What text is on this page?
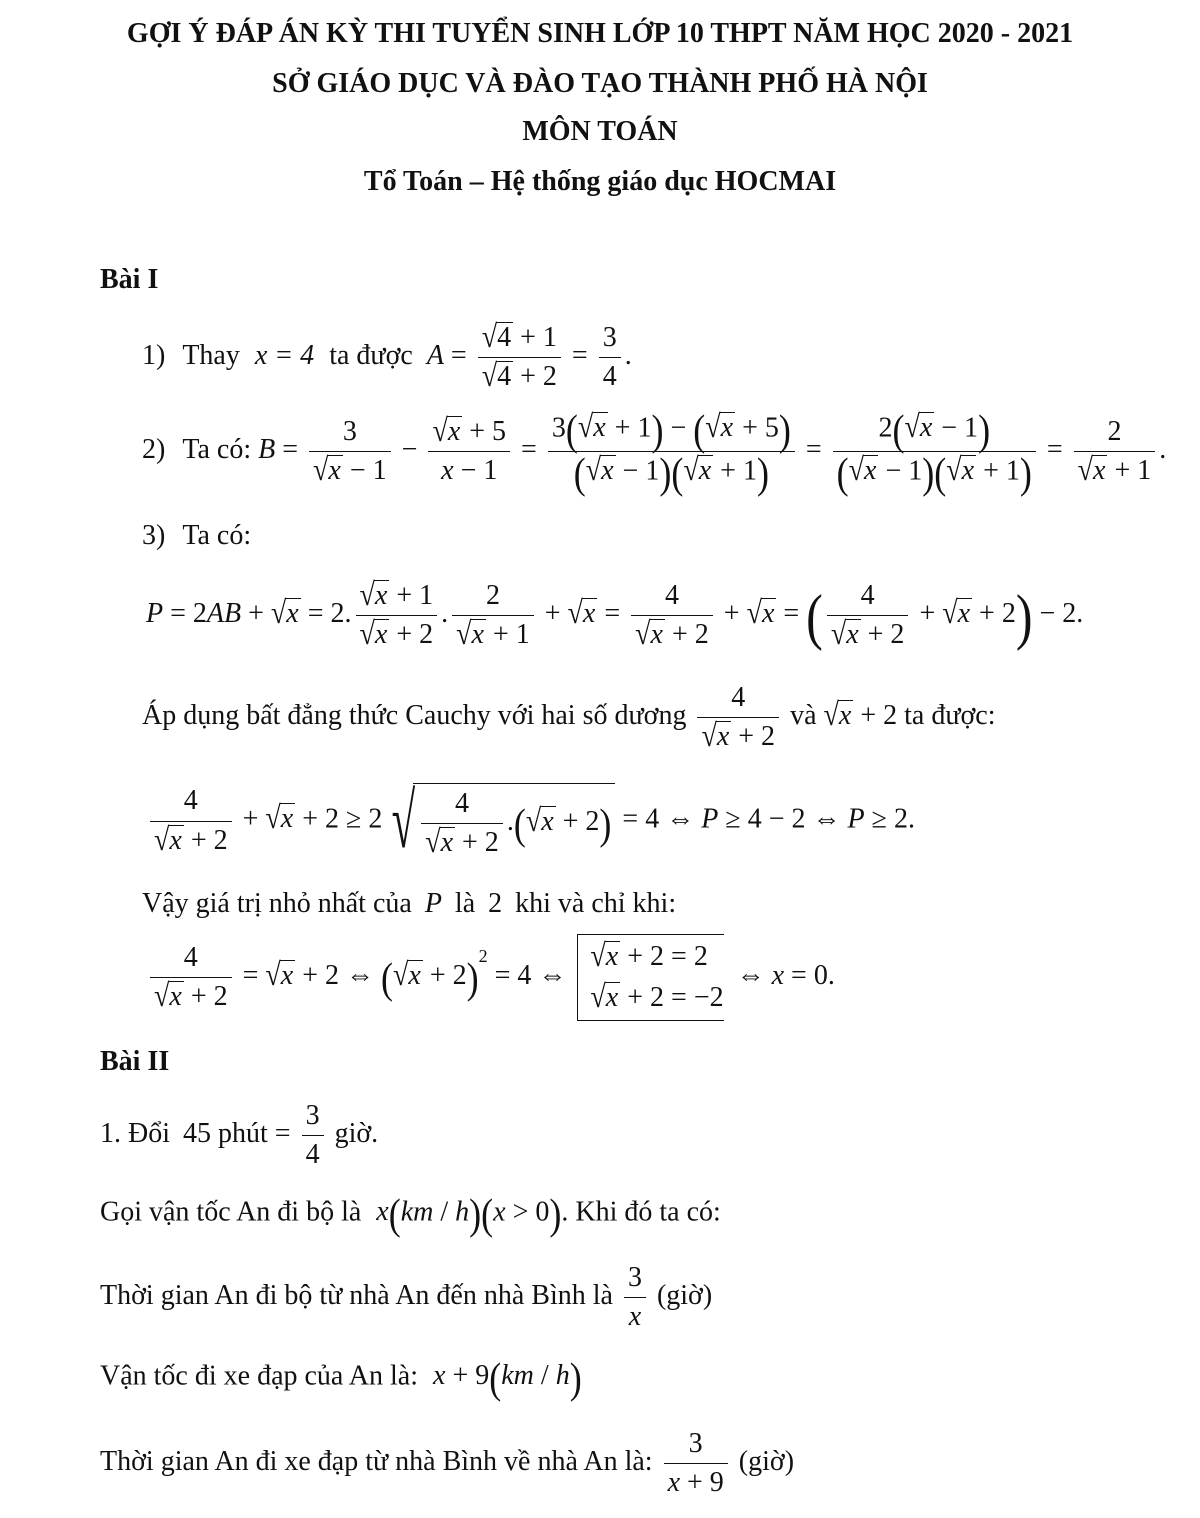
GỢI Ý ĐÁP ÁN KỲ THI TUYỂN SINH LỚP 10 THPT NĂM HỌC 2020 - 2021
SỞ GIÁO DỤC VÀ ĐÀO TẠO THÀNH PHỐ HÀ NỘI
MÔN TOÁN
Tổ Toán – Hệ thống giáo dục HOCMAI
Bài I
1) Thay x = 4 ta được  $A = \frac{√4 + 1}{√4 + 2} = \frac{3}{4}$ .
2) Ta có: $B = \frac{3}{√x - 1} - \frac{√x + 5}{x - 1} = \frac{3(√x + 1) - (√x + 5)}{(√x - 1)(√x + 1)} = \frac{2(√x - 1)}{(√x - 1)(√x + 1)} = \frac{2}{√x + 1}$ .
3) Ta có:
P = 2AB + √x = 2. $\frac{√x + 1}{√x + 2}$ . $\frac{2}{√x + 1} + √x = \frac{4}{√x + 2} + √x$ = ( $\frac{4}{√x + 2} + √x + 2) - 2$.
Áp dụng bất đẳng thức Cauchy với hai số dương $\frac{4}{√x + 2}$ và √x + 2 ta được:
$\frac{4}{√x + 2} + √x + 2 \ge 2$ √ $\frac{4}{√x + 2} .(√x + 2) = 4$ ⇔ P ≥ 4 − 2 ⇔ P ≥ 2.
Vậy giá trị nhỏ nhất của P là 2 khi và chỉ khi:
$\frac{4}{√x + 2} = √x + 2$ ⇔ $(√x + 2)^2 = 4$ ⇔
√x + 2 = 2
√x + 2 = −2
⇔ x = 0.
Bài II
1. Đổi 45 phút = $\frac{3}{4}$ giờ.
Gọi vận tốc An đi bộ là x(km / h)(x > 0). Khi đó ta có:
Thời gian An đi bộ từ nhà An đến nhà Bình là $\frac{3}{x}$ (giờ)
Vận tốc đi xe đạp của An là: x + 9(km / h)
Thời gian An đi xe đạp từ nhà Bình về nhà An là: $\frac{3}{x + 9}$ (giờ)
